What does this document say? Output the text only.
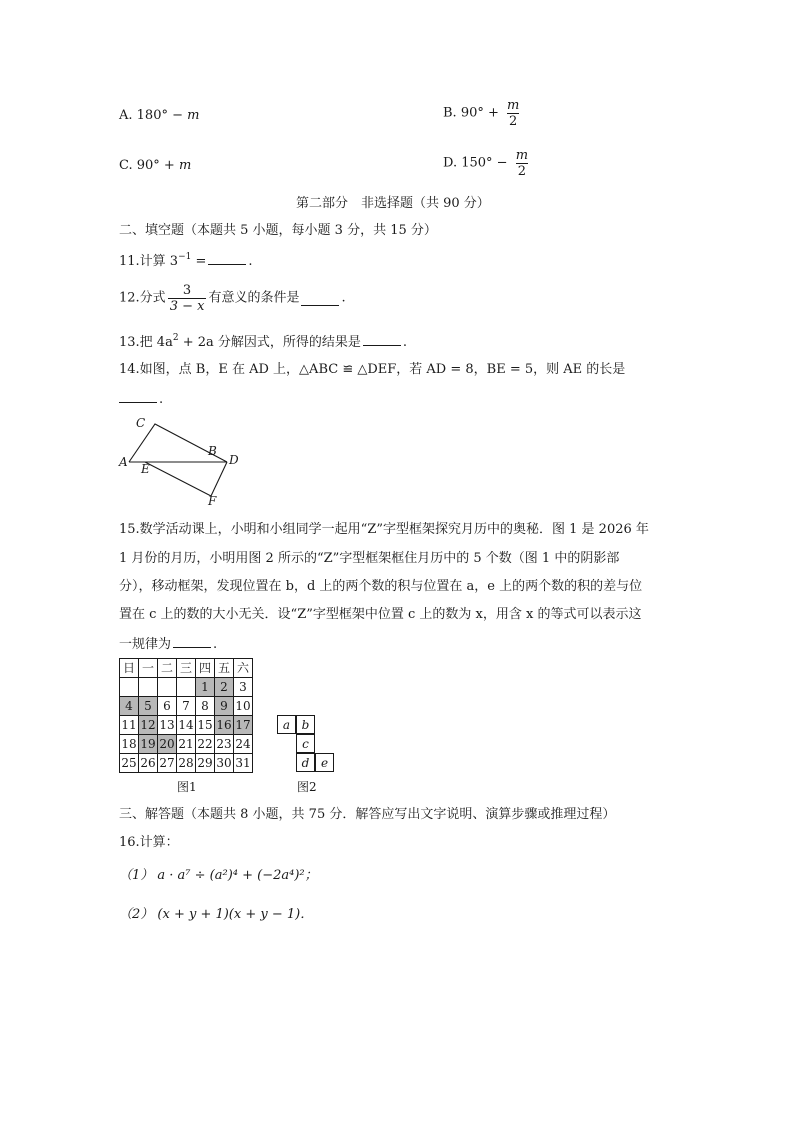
A. 180° − m	B. $90^\circ + \frac{m}{2}$
C. 90° + m	D. $150^\circ - \frac{m}{2}$
第二部分　非选择题（共 90 分）
二、填空题（本题共 5 小题，每小题 3 分，共 15 分）
11.计算 $3^{-1}$ =	.
12.分式 $\frac{3}{3 - x}$ 有意义的条件是	.
13.把 $4a^2 + 2a$ 分解因式，所得的结果是	.
14.如图，点 B，E 在 AD 上，△ABC ≌ △DEF，若 AD = 8，BE = 5，则 AE 的长是
.
C
B
A E
D
F
15.数学活动课上，小明和小组同学一起用“Z”字型框架探究月历中的奥秘．图 1 是 2026 年
1 月份的月历，小明用图 2 所示的“Z”字型框架框住月历中的 5 个数（图 1 中的阴影部
分），移动框架，发现位置在 b，d 上的两个数的积与位置在 a，e 上的两个数的积的差与位
置在 c 上的数的大小无关．设“Z”字型框架中位置 c 上的数为 x，用含 x 的等式可以表示这
一规律为	.
日	一	二	三	四	五	六
				1	2	3
4	5	6	7	8	9	10
11	12	13	14	15	16	17
18	19	20	21	22	23	24
25	26	27	28	29	30	31
图1
a b
c
d e
图2
三、解答题（本题共 8 小题，共 75 分．解答应写出文字说明、演算步骤或推理过程）
16.计算：
（1） a · a⁷ ÷ (a²)⁴ + (−2a⁴)²；
（2） (x + y + 1)(x + y − 1)．
